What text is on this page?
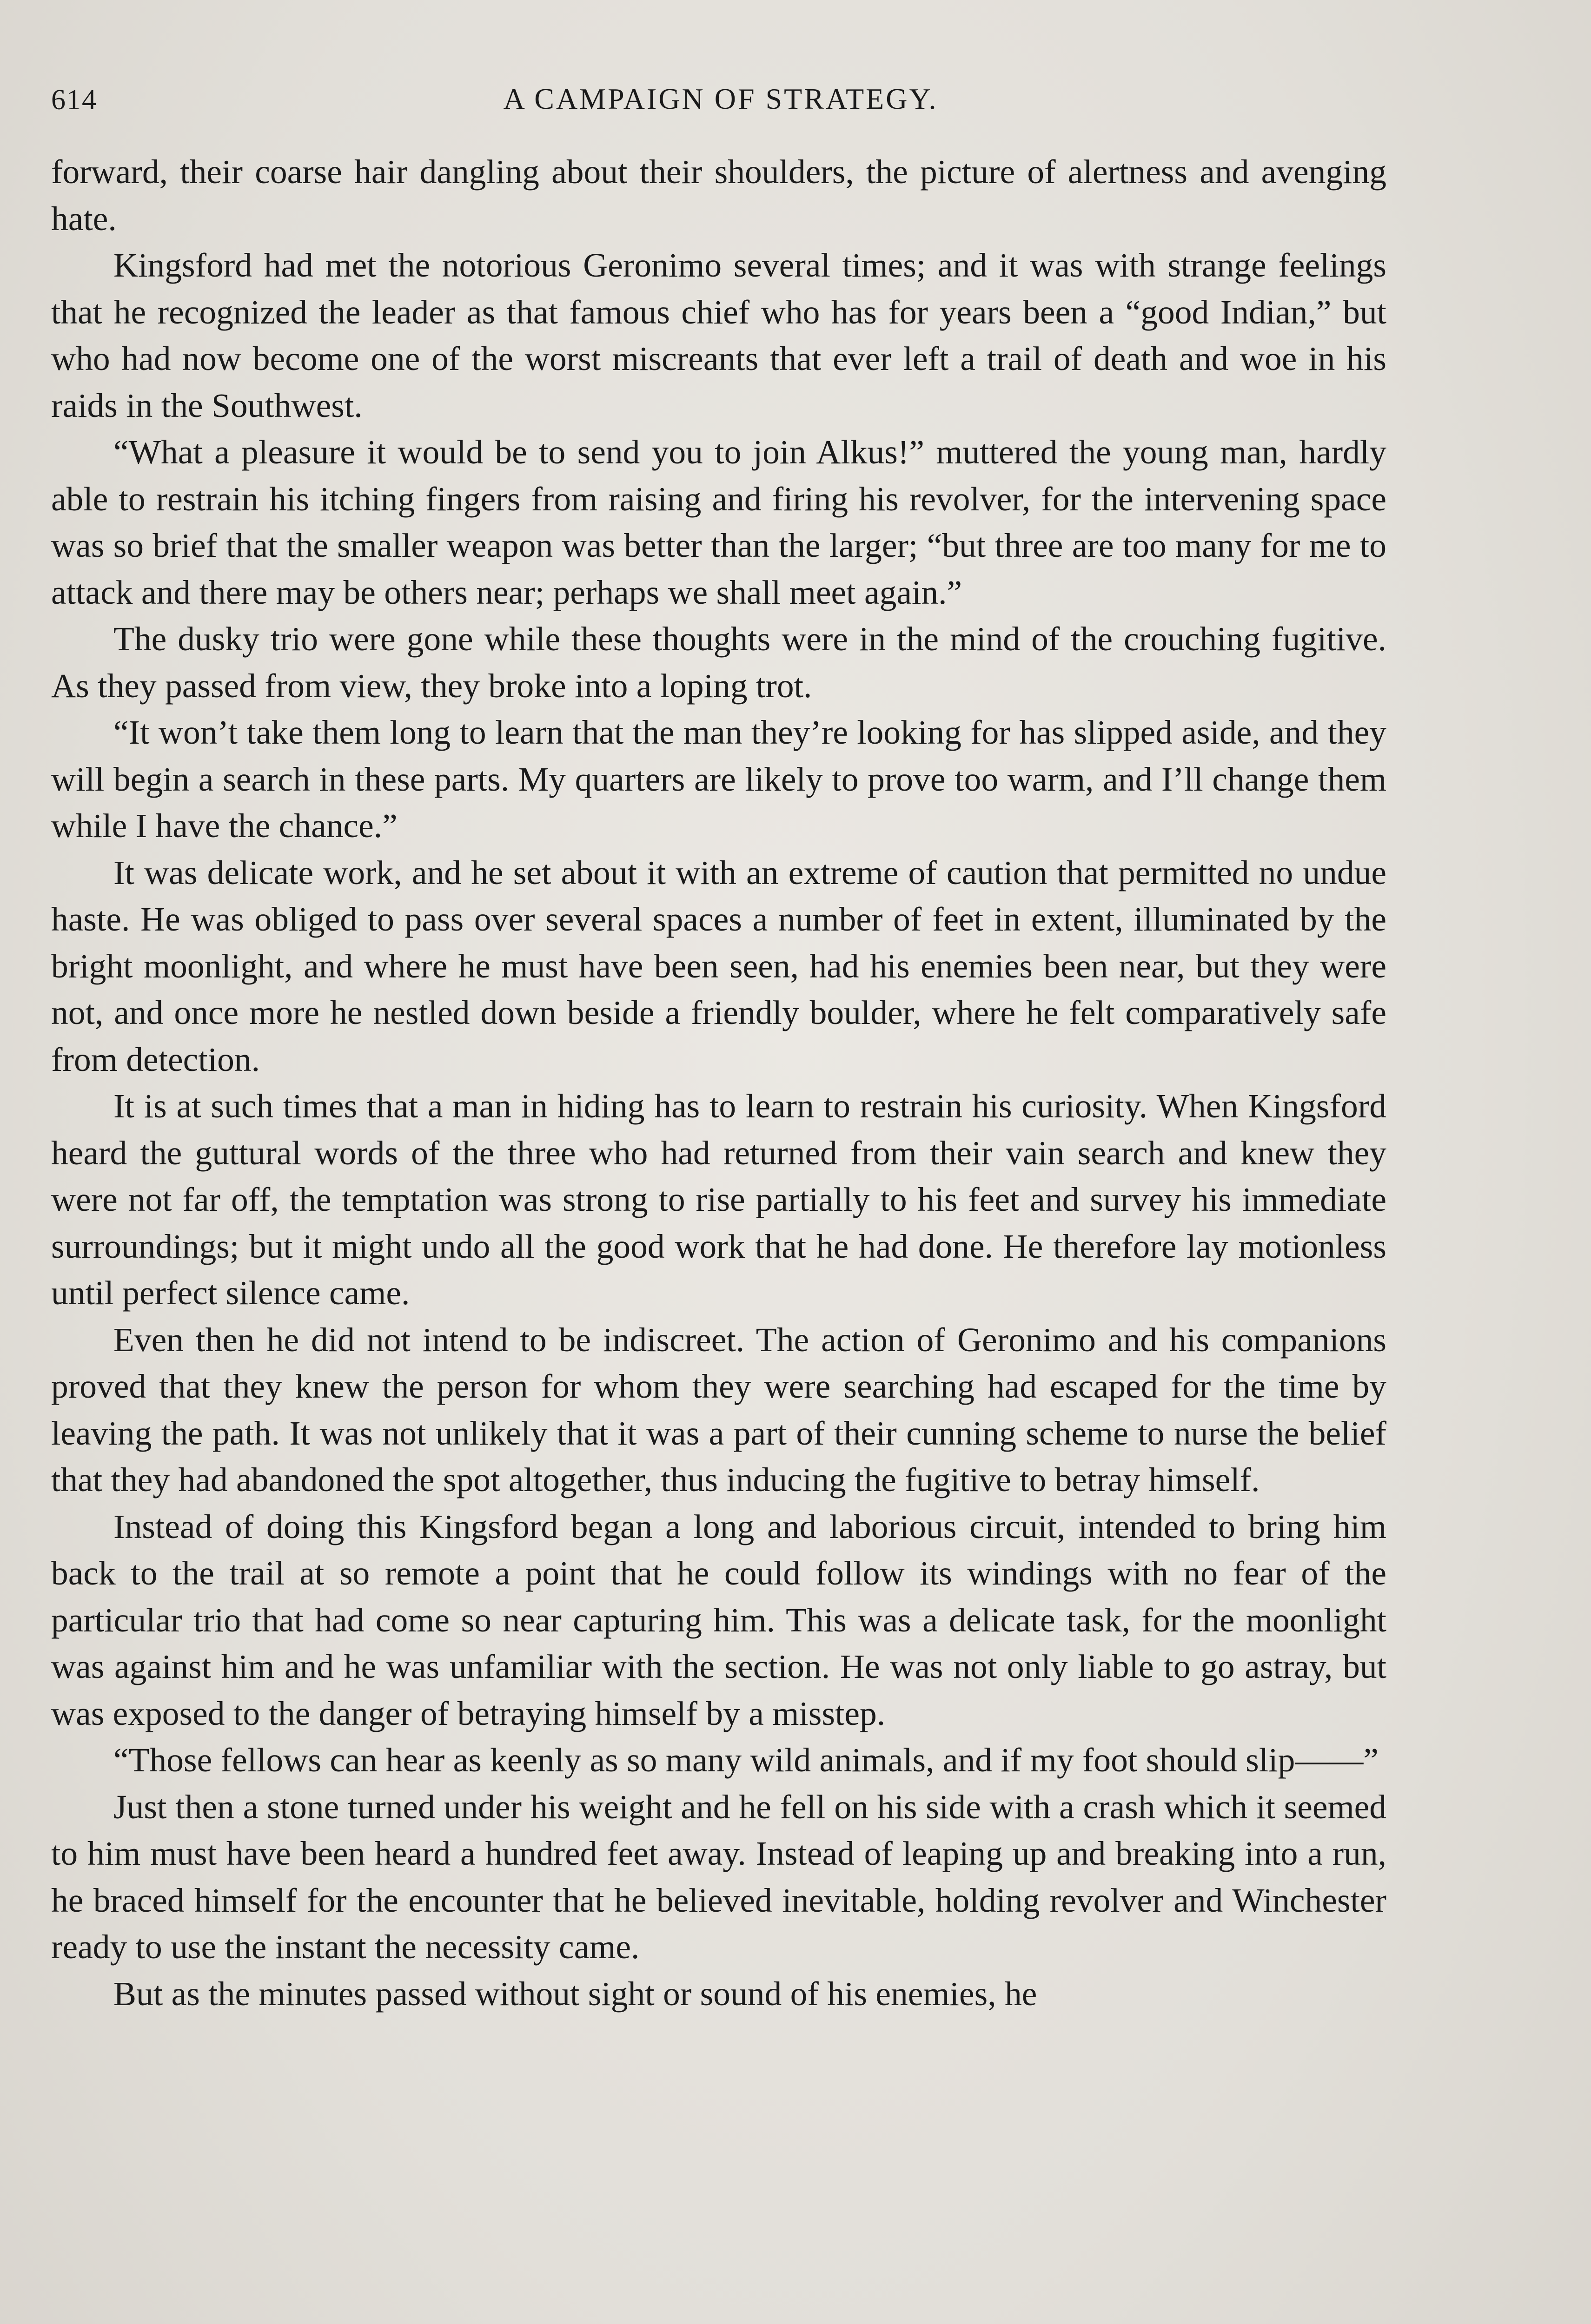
614	A CAMPAIGN OF STRATEGY.

forward, their coarse hair dangling about their shoulders, the picture of alertness and avenging hate.

Kingsford had met the notorious Geronimo several times; and it was with strange feelings that he recognized the leader as that famous chief who has for years been a “good Indian,” but who had now become one of the worst miscreants that ever left a trail of death and woe in his raids in the Southwest.

“What a pleasure it would be to send you to join Alkus!” muttered the young man, hardly able to restrain his itching fingers from raising and firing his revolver, for the intervening space was so brief that the smaller weapon was better than the larger; “but three are too many for me to attack and there may be others near; perhaps we shall meet again.”

The dusky trio were gone while these thoughts were in the mind of the crouching fugitive. As they passed from view, they broke into a loping trot.

“It won’t take them long to learn that the man they’re looking for has slipped aside, and they will begin a search in these parts. My quarters are likely to prove too warm, and I’ll change them while I have the chance.”

It was delicate work, and he set about it with an extreme of caution that permitted no undue haste. He was obliged to pass over several spaces a number of feet in extent, illuminated by the bright moonlight, and where he must have been seen, had his enemies been near, but they were not, and once more he nestled down beside a friendly boulder, where he felt comparatively safe from detection.

It is at such times that a man in hiding has to learn to restrain his curiosity. When Kingsford heard the guttural words of the three who had returned from their vain search and knew they were not far off, the temptation was strong to rise partially to his feet and survey his immediate surroundings; but it might undo all the good work that he had done. He therefore lay motionless until perfect silence came.

Even then he did not intend to be indiscreet. The action of Geronimo and his companions proved that they knew the person for whom they were searching had escaped for the time by leaving the path. It was not unlikely that it was a part of their cunning scheme to nurse the belief that they had abandoned the spot altogether, thus inducing the fugitive to betray himself.

Instead of doing this Kingsford began a long and laborious circuit, intended to bring him back to the trail at so remote a point that he could follow its windings with no fear of the particular trio that had come so near capturing him. This was a delicate task, for the moonlight was against him and he was unfamiliar with the section. He was not only liable to go astray, but was exposed to the danger of betraying himself by a misstep.

“Those fellows can hear as keenly as so many wild animals, and if my foot should slip——”

Just then a stone turned under his weight and he fell on his side with a crash which it seemed to him must have been heard a hundred feet away. Instead of leaping up and breaking into a run, he braced himself for the encounter that he believed inevitable, holding revolver and Winchester ready to use the instant the necessity came.

But as the minutes passed without sight or sound of his enemies, he
